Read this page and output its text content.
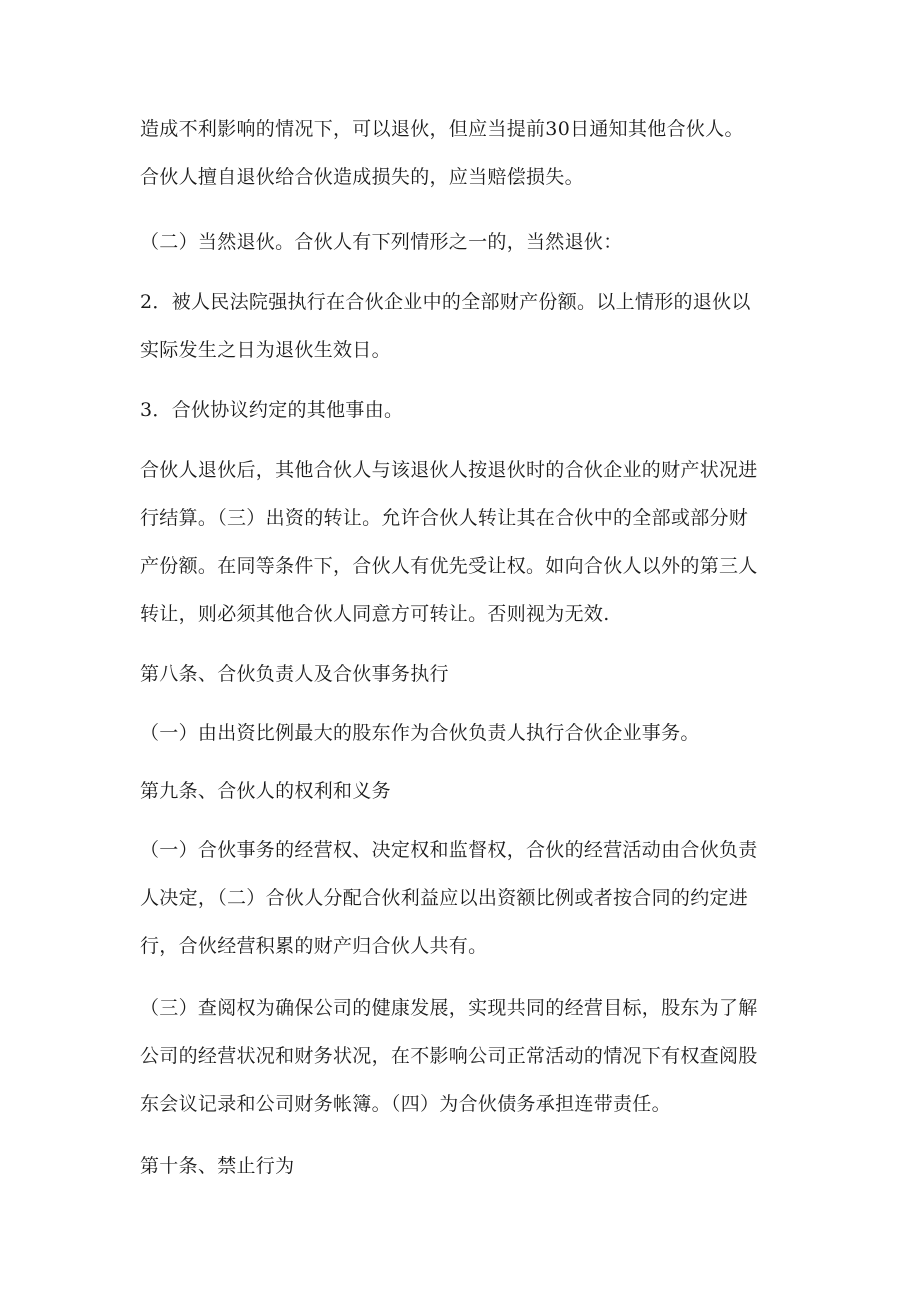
造成不利影响的情况下，可以退伙，但应当提前30日通知其他合伙人。
合伙人擅自退伙给合伙造成损失的，应当赔偿损失。

（二）当然退伙。合伙人有下列情形之一的，当然退伙：

2．被人民法院强执行在合伙企业中的全部财产份额。以上情形的退伙以
实际发生之日为退伙生效日。

3．合伙协议约定的其他事由。

合伙人退伙后，其他合伙人与该退伙人按退伙时的合伙企业的财产状况进
行结算。（三）出资的转让。允许合伙人转让其在合伙中的全部或部分财
产份额。在同等条件下，合伙人有优先受让权。如向合伙人以外的第三人
转让，则必须其他合伙人同意方可转让。否则视为无效.

第八条、合伙负责人及合伙事务执行

（一）由出资比例最大的股东作为合伙负责人执行合伙企业事务。

第九条、合伙人的权利和义务

（一）合伙事务的经营权、决定权和监督权，合伙的经营活动由合伙负责
人决定，（二）合伙人分配合伙利益应以出资额比例或者按合同的约定进
行，合伙经营积累的财产归合伙人共有。

（三）查阅权为确保公司的健康发展，实现共同的经营目标，股东为了解
公司的经营状况和财务状况，在不影响公司正常活动的情况下有权查阅股
东会议记录和公司财务帐簿。（四）为合伙债务承担连带责任。

第十条、禁止行为
